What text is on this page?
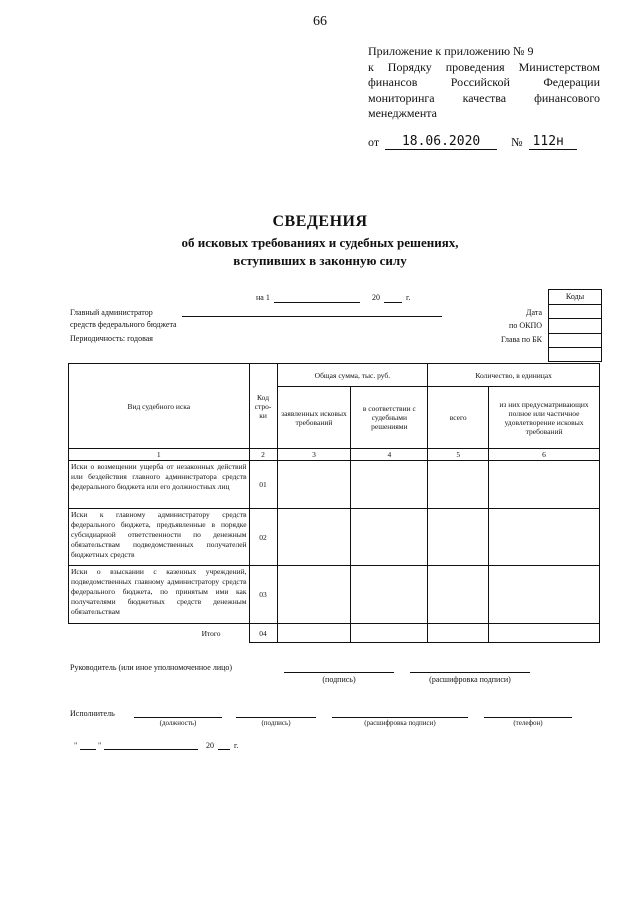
66
Приложение к приложению № 9
к Порядку проведения Министерством
финансов Российской Федерации
мониторинга качества финансового
менеджмента
от	18.06.2020	№ 112н
СВЕДЕНИЯ
об исковых требованиях и судебных решениях,
вступивших в законную силу
на 1	20	г.
Главный администратор
средств федерального бюджета
Периодичность: годовая
Дата
по ОКПО
Глава по БК
Коды
Вид судебного иска	Код стро- ки	Общая сумма, тыс. руб.		Количество, в единицах	
		заявленных исковых требований	в соответствии с судебными решениями	всего	из них предусматривающих полное или частичное удовлетворение исковых требований
1	2	3	4	5	6
Иски о возмещении ущерба от незаконных действий или бездействия главного администратора средств федерального бюджета или его должностных лиц	01				
Иски к главному администратору средств федерального бюджета, предъявленные в порядке субсидиарной ответственности по денежным обязательствам подведомственных получателей бюджетных средств	02				
Иски о взыскании с казенных учреждений, подведомственных главному администратору средств федерального бюджета, по принятым ими как получателями бюджетных средств денежным обязательствам	03				
Итого	04				
Руководитель (или иное уполномоченное лицо)
(подпись)	(расшифровка подписи)
Исполнитель
(должность)	(подпись)	(расшифровка подписи)	(телефон)
"	"	20	г.
